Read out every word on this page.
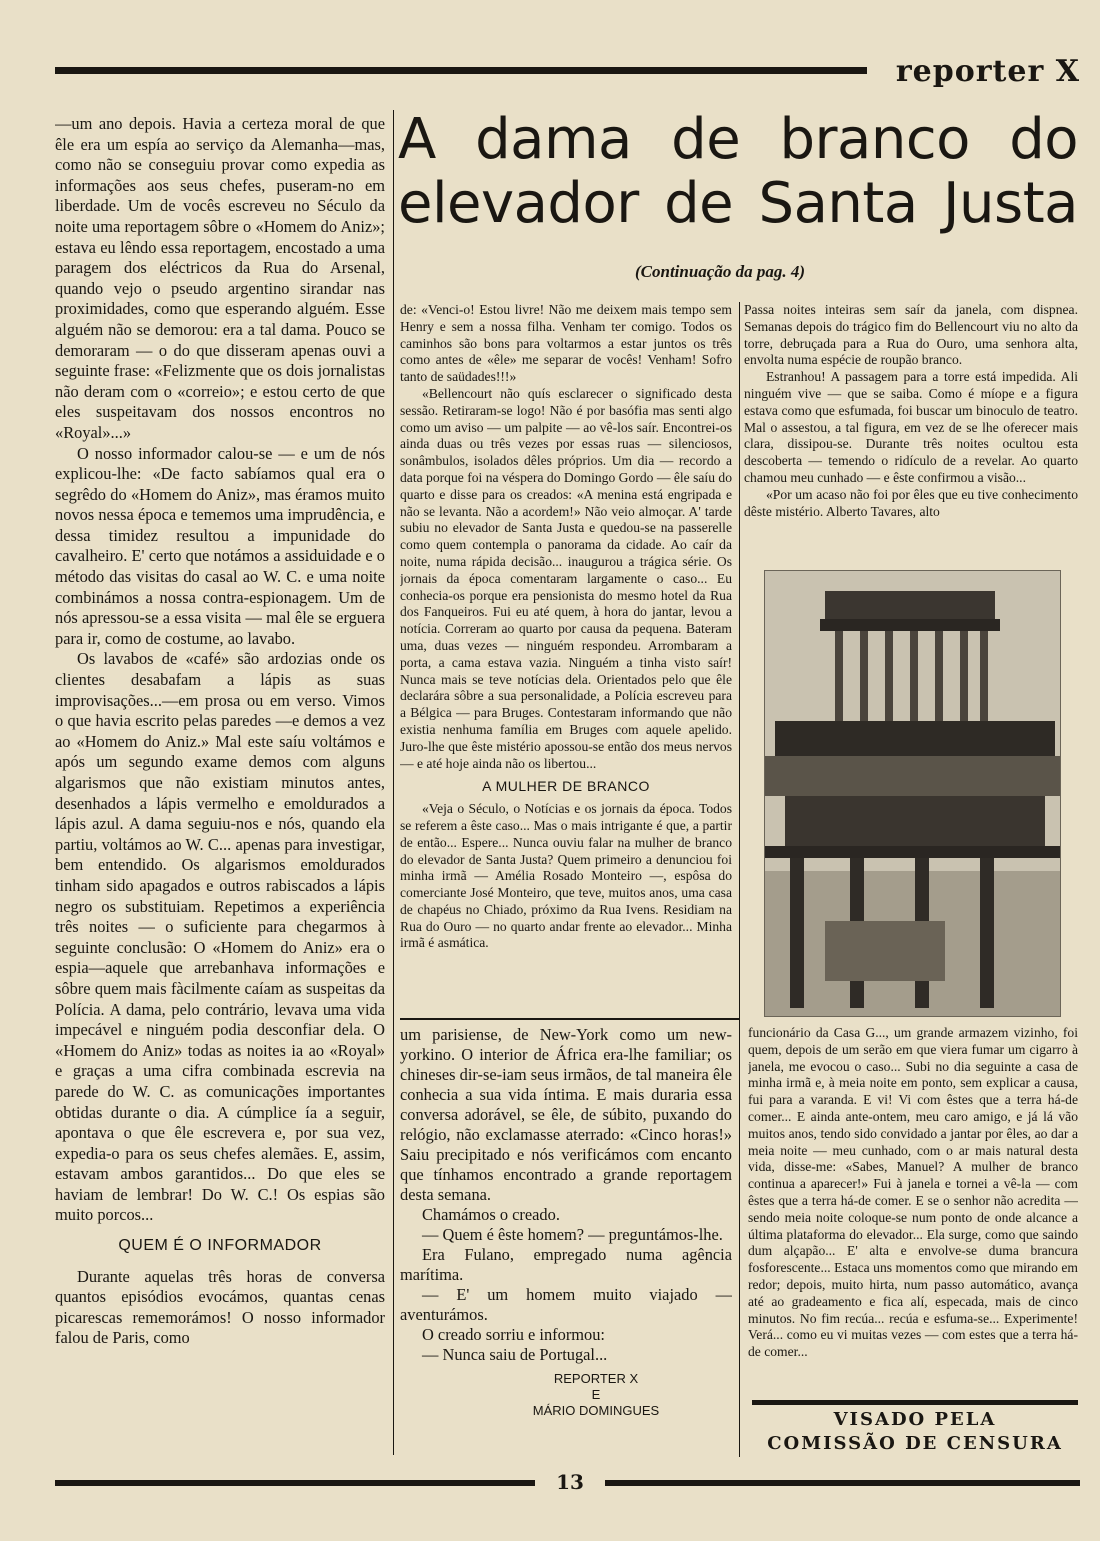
reporter X

—um ano depois. Havia a certeza moral de que êle era um espía ao serviço da Alemanha—mas, como não se conseguiu provar como expedia as informações aos seus chefes, puseram-no em liberdade. Um de vocês escreveu no Século da noite uma reportagem sôbre o «Homem do Aniz»; estava eu lêndo essa reportagem, encostado a uma paragem dos eléctricos da Rua do Arsenal, quando vejo o pseudo argentino sirandar nas proximidades, como que esperando alguém. Esse alguém não se demorou: era a tal dama. Pouco se demoraram — o do que disseram apenas ouvi a seguinte frase: «Felizmente que os dois jornalistas não deram com o «correio»; e estou certo de que eles suspeitavam dos nossos encontros no «Royal»...»

O nosso informador calou-se — e um de nós explicou-lhe: «De facto sabíamos qual era o segrêdo do «Homem do Aniz», mas éramos muito novos nessa época e tememos uma imprudência, e dessa timidez resultou a impunidade do cavalheiro. E' certo que notámos a assiduidade e o método das visitas do casal ao W. C. e uma noite combinámos a nossa contra-espionagem. Um de nós apressou-se a essa visita — mal êle se erguera para ir, como de costume, ao lavabo.

Os lavabos de «café» são ardozias onde os clientes desabafam a lápis as suas improvisações...—em prosa ou em verso. Vimos o que havia escrito pelas paredes —e demos a vez ao «Homem do Aniz.» Mal este saíu voltámos e após um segundo exame demos com alguns algarismos que não existiam minutos antes, desenhados a lápis vermelho e emoldurados a lápis azul. A dama seguiu-nos e nós, quando ela partiu, voltámos ao W. C... apenas para investigar, bem entendido. Os algarismos emoldurados tinham sido apagados e outros rabiscados a lápis negro os substituiam. Repetimos a experiência três noites — o suficiente para chegarmos à seguinte conclusão: O «Homem do Aniz» era o espia—aquele que arrebanhava informações e sôbre quem mais fàcilmente caíam as suspeitas da Polícia. A dama, pelo contrário, levava uma vida impecável e ninguém podia desconfiar dela. O «Homem do Aniz» todas as noites ia ao «Royal» e graças a uma cifra combinada escrevia na parede do W. C. as comunicações importantes obtidas durante o dia. A cúmplice ía a seguir, apontava o que êle escrevera e, por sua vez, expedia-o para os seus chefes alemães. E, assim, estavam ambos garantidos... Do que eles se haviam de lembrar! Do W. C.! Os espias são muito porcos...

QUEM É O INFORMADOR

Durante aquelas três horas de conversa quantos episódios evocámos, quantas cenas picarescas rememorámos! O nosso informador falou de Paris, como

A dama de branco do elevador de Santa Justa
(Continuação da pag. 4)

de: «Venci-o! Estou livre! Não me deixem mais tempo sem Henry e sem a nossa filha. Venham ter comigo. Todos os caminhos são bons para voltarmos a estar juntos os três como antes de «êle» me separar de vocês! Venham! Sofro tanto de saüdades!!!»

«Bellencourt não quís esclarecer o significado desta sessão. Retiraram-se logo! Não é por basófia mas senti algo como um aviso — um palpite — ao vê-los saír. Encontrei-os ainda duas ou três vezes por essas ruas — silenciosos, sonâmbulos, isolados dêles próprios. Um dia — recordo a data porque foi na véspera do Domingo Gordo — êle saíu do quarto e disse para os creados: «A menina está engripada e não se levanta. Não a acordem!» Não veio almoçar. A' tarde subiu no elevador de Santa Justa e quedou-se na passerelle como quem contempla o panorama da cidade. Ao caír da noite, numa rápida decisão... inaugurou a trágica série. Os jornais da época comentaram largamente o caso... Eu conhecia-os porque era pensionista do mesmo hotel da Rua dos Fanqueiros. Fui eu até quem, à hora do jantar, levou a notícia. Correram ao quarto por causa da pequena. Bateram uma, duas vezes — ninguém respondeu. Arrombaram a porta, a cama estava vazia. Ninguém a tinha visto saír! Nunca mais se teve notícias dela. Orientados pelo que êle declarára sôbre a sua personalidade, a Polícia escreveu para a Bélgica — para Bruges. Contestaram informando que não existia nenhuma família em Bruges com aquele apelido. Juro-lhe que êste mistério apossou-se então dos meus nervos — e até hoje ainda não os libertou...

A MULHER DE BRANCO

«Veja o Século, o Notícias e os jornais da época. Todos se referem a êste caso... Mas o mais intrigante é que, a partir de então... Espere... Nunca ouviu falar na mulher de branco do elevador de Santa Justa? Quem primeiro a denunciou foi minha irmã — Amélia Rosado Monteiro —, espôsa do comerciante José Monteiro, que teve, muitos anos, uma casa de chapéus no Chiado, próximo da Rua Ivens. Residiam na Rua do Ouro — no quarto andar frente ao elevador... Minha irmã é asmática.

Passa noites inteiras sem saír da janela, com dispnea. Semanas depois do trágico fim do Bellencourt viu no alto da torre, debruçada para a Rua do Ouro, uma senhora alta, envolta numa espécie de roupão branco.

Estranhou! A passagem para a torre está impedida. Ali ninguém vive — que se saiba. Como é míope e a figura estava como que esfumada, foi buscar um binoculo de teatro. Mal o assestou, a tal figura, em vez de se lhe oferecer mais clara, dissipou-se. Durante três noites ocultou esta descoberta — temendo o ridículo de a revelar. Ao quarto chamou meu cunhado — e êste confirmou a visão...

«Por um acaso não foi por êles que eu tive conhecimento dêste mistério. Alberto Tavares, alto

um parisiense, de New-York como um new-yorkino. O interior de África era-lhe familiar; os chineses dir-se-iam seus irmãos, de tal maneira êle conhecia a sua vida íntima. E mais duraria essa conversa adorável, se êle, de súbito, puxando do relógio, não exclamasse aterrado: «Cinco horas!» Saiu precipitado e nós verificámos com encanto que tínhamos encontrado a grande reportagem desta semana.

Chamámos o creado.

— Quem é êste homem? — preguntámos-lhe.

Era Fulano, empregado numa agência marítima.

— E' um homem muito viajado — aventurámos.

O creado sorriu e informou:

— Nunca saiu de Portugal...

REPORTER X

E

MÁRIO DOMINGUES

funcionário da Casa G..., um grande armazem vizinho, foi quem, depois de um serão em que viera fumar um cigarro à janela, me evocou o caso... Subi no dia seguinte a casa de minha irmã e, à meia noite em ponto, sem explicar a causa, fui para a varanda. E vi! Vi com êstes que a terra há-de comer... E ainda ante-ontem, meu caro amigo, e já lá vão muitos anos, tendo sido convidado a jantar por êles, ao dar a meia noite — meu cunhado, com o ar mais natural desta vida, disse-me: «Sabes, Manuel? A mulher de branco continua a aparecer!» Fui à janela e tornei a vê-la — com êstes que a terra há-de comer. E se o senhor não acredita — sendo meia noite coloque-se num ponto de onde alcance a última plataforma do elevador... Ela surge, como que saindo dum alçapão... E' alta e envolve-se duma brancura fosforescente... Estaca uns momentos como que mirando em redor; depois, muito hirta, num passo automático, avança até ao gradeamento e fica alí, especada, mais de cinco minutos. No fim recúa... recúa e esfuma-se... Experimente! Verá... como eu vi muitas vezes — com estes que a terra há-de comer...

VISADO PELA
COMISSÃO DE CENSURA
13
